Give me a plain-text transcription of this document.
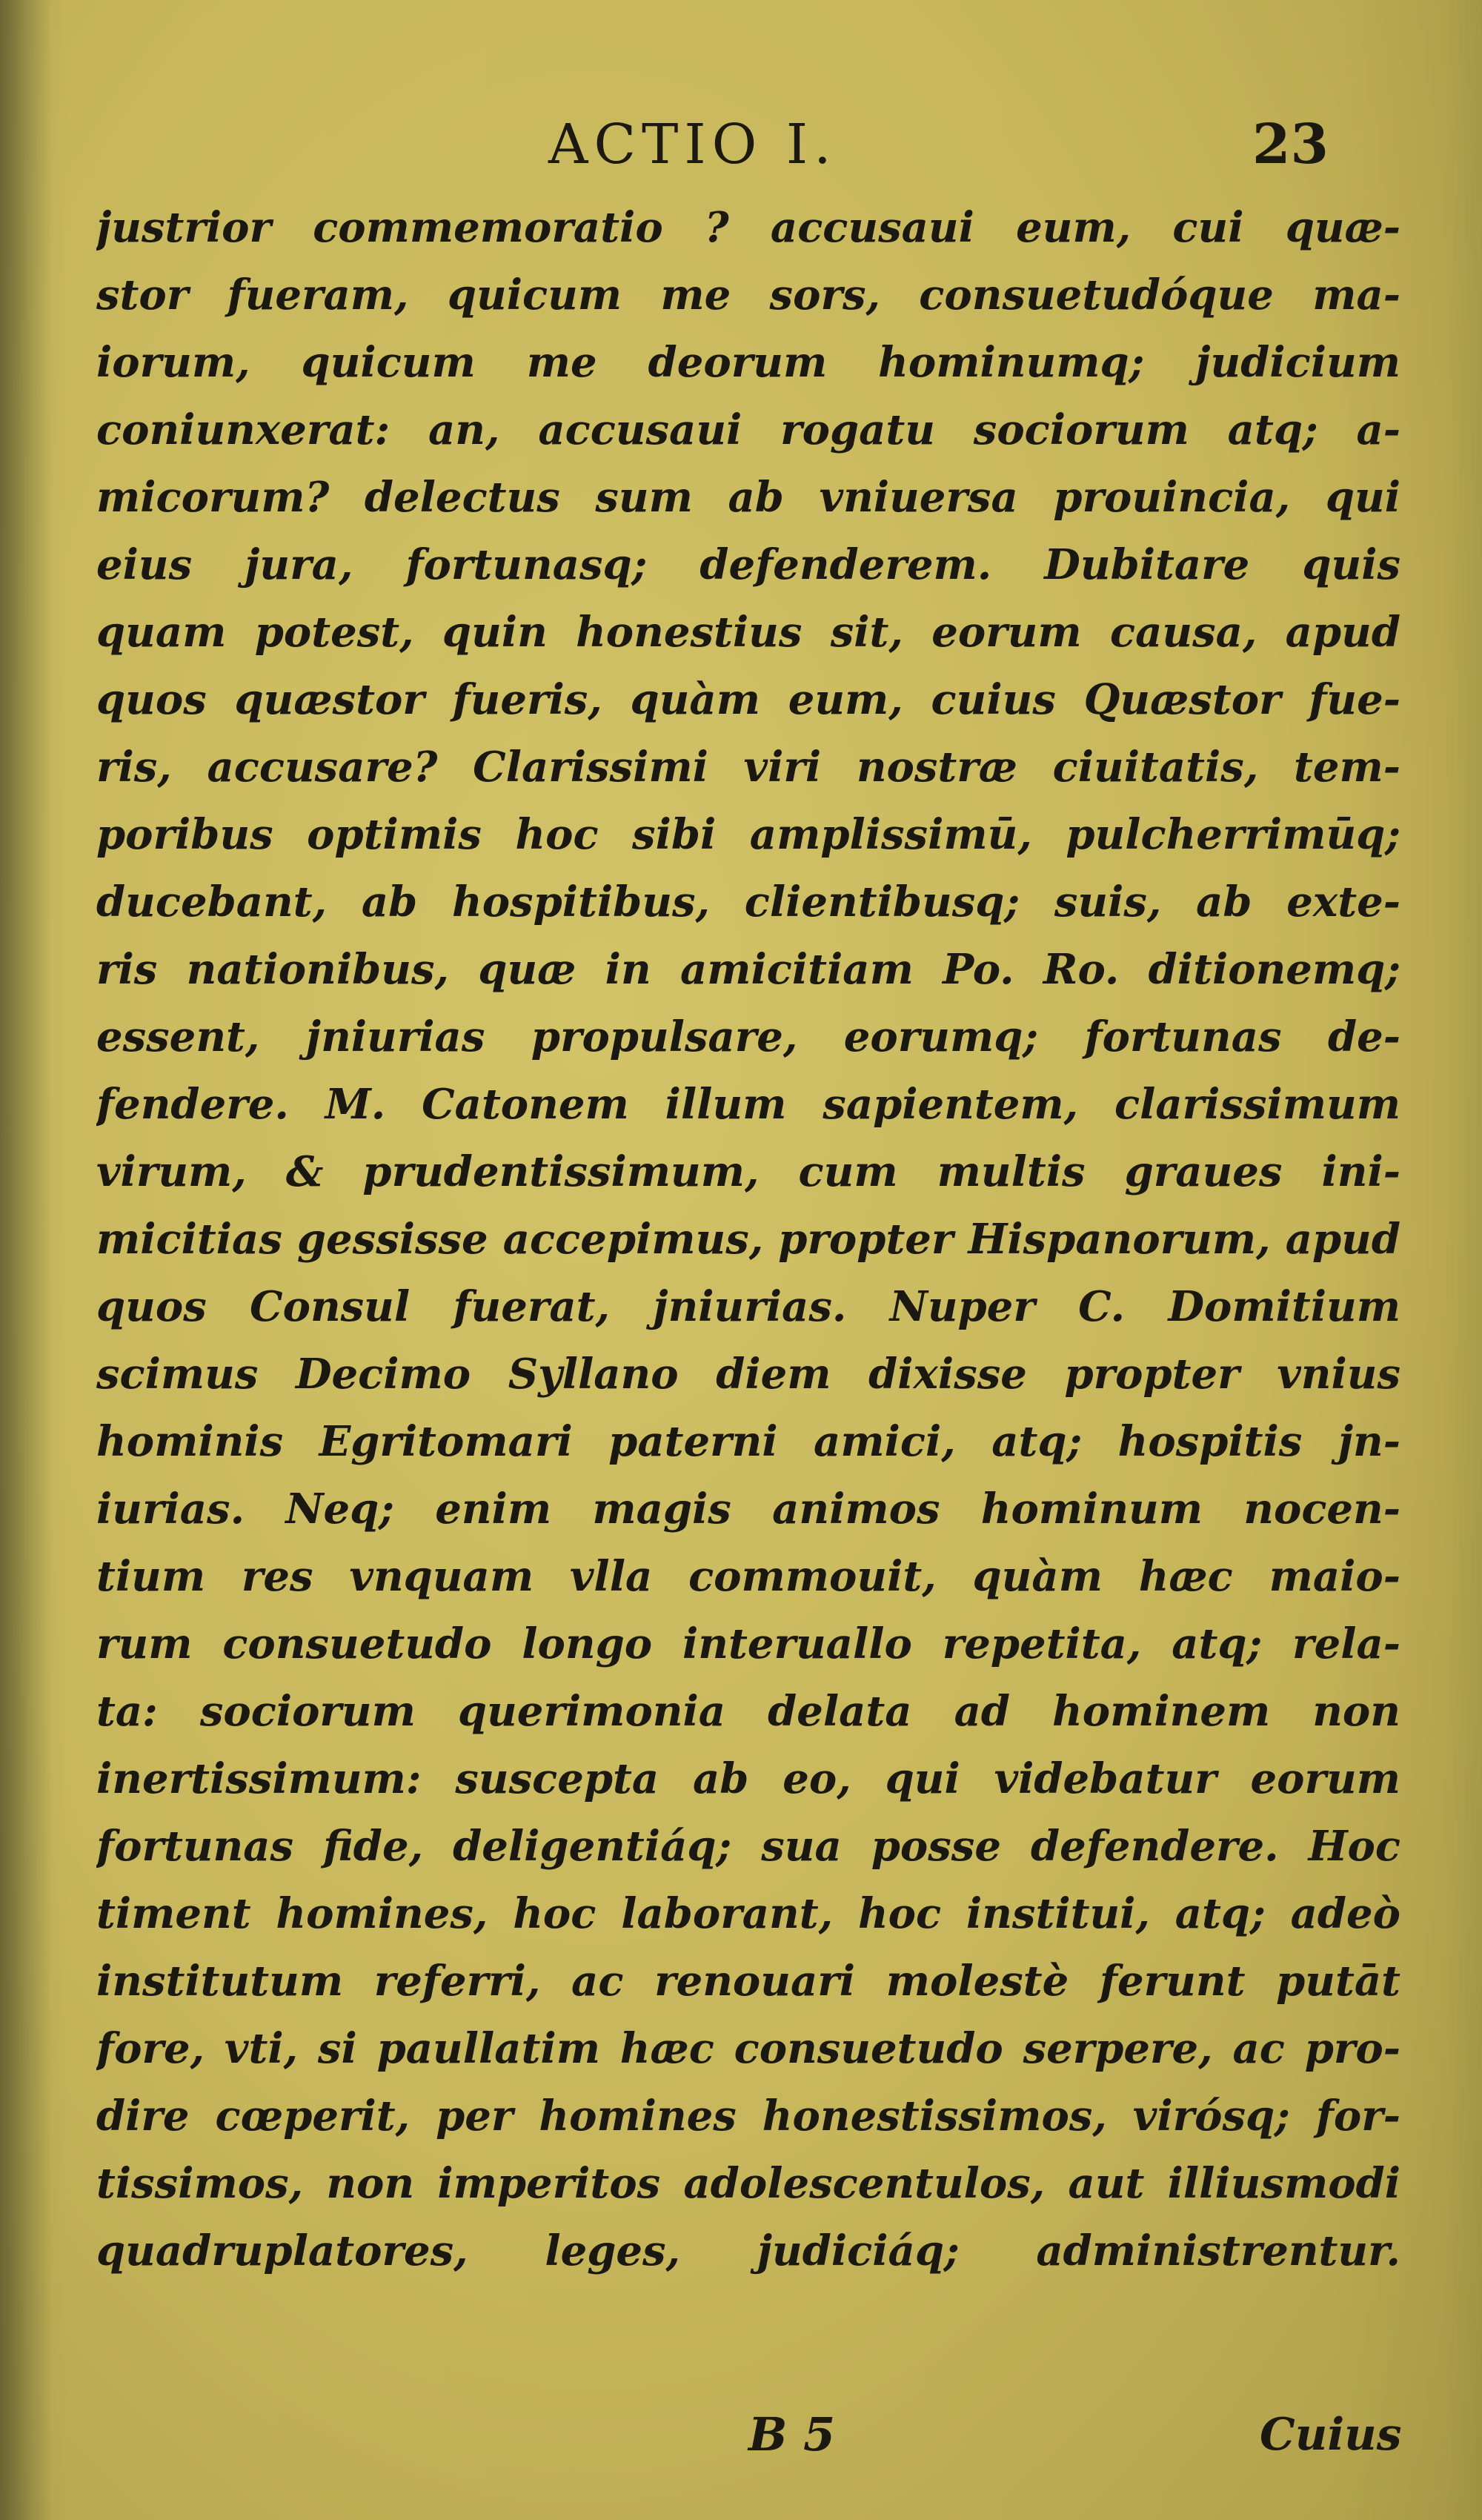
ACTIO I.	23
justrior commemoratio ? accusaui eum, cui quæ-
stor fueram, quicum me sors, consuetudóque ma-
iorum, quicum me deorum hominumq; judicium
coniunxerat: an, accusaui rogatu sociorum atq; a-
micorum? delectus sum ab vniuersa prouincia, qui
eius jura, fortunasq; defenderem. Dubitare quis
quam potest, quin honestius sit, eorum causa, apud
quos quæstor fueris, quàm eum, cuius Quæstor fue-
ris, accusare? Clarissimi viri nostræ ciuitatis, tem-
poribus optimis hoc sibi amplissimū, pulcherrimūq;
ducebant, ab hospitibus, clientibusq; suis, ab exte-
ris nationibus, quæ in amicitiam Po. Ro. ditionemq;
essent, jniurias propulsare, eorumq; fortunas de-
fendere. M. Catonem illum sapientem, clarissimum
virum, & prudentissimum, cum multis graues ini-
micitias gessisse accepimus, propter Hispanorum, apud
quos Consul fuerat, jniurias. Nuper C. Domitium
scimus Decimo Syllano diem dixisse propter vnius
hominis Egritomari paterni amici, atq; hospitis jn-
iurias. Neq; enim magis animos hominum nocen-
tium res vnquam vlla commouit, quàm hæc maio-
rum consuetudo longo interuallo repetita, atq; rela-
ta: sociorum querimonia delata ad hominem non
inertissimum: suscepta ab eo, qui videbatur eorum
fortunas fide, deligentiáq; sua posse defendere. Hoc
timent homines, hoc laborant, hoc institui, atq; adeò
institutum referri, ac renouari molestè ferunt putāt
fore, vti, si paullatim hæc consuetudo serpere, ac pro-
dire cœperit, per homines honestissimos, virósq; for-
tissimos, non imperitos adolescentulos, aut illiusmodi
quadruplatores, leges, judiciáq; administrentur.
B 5	Cuius
